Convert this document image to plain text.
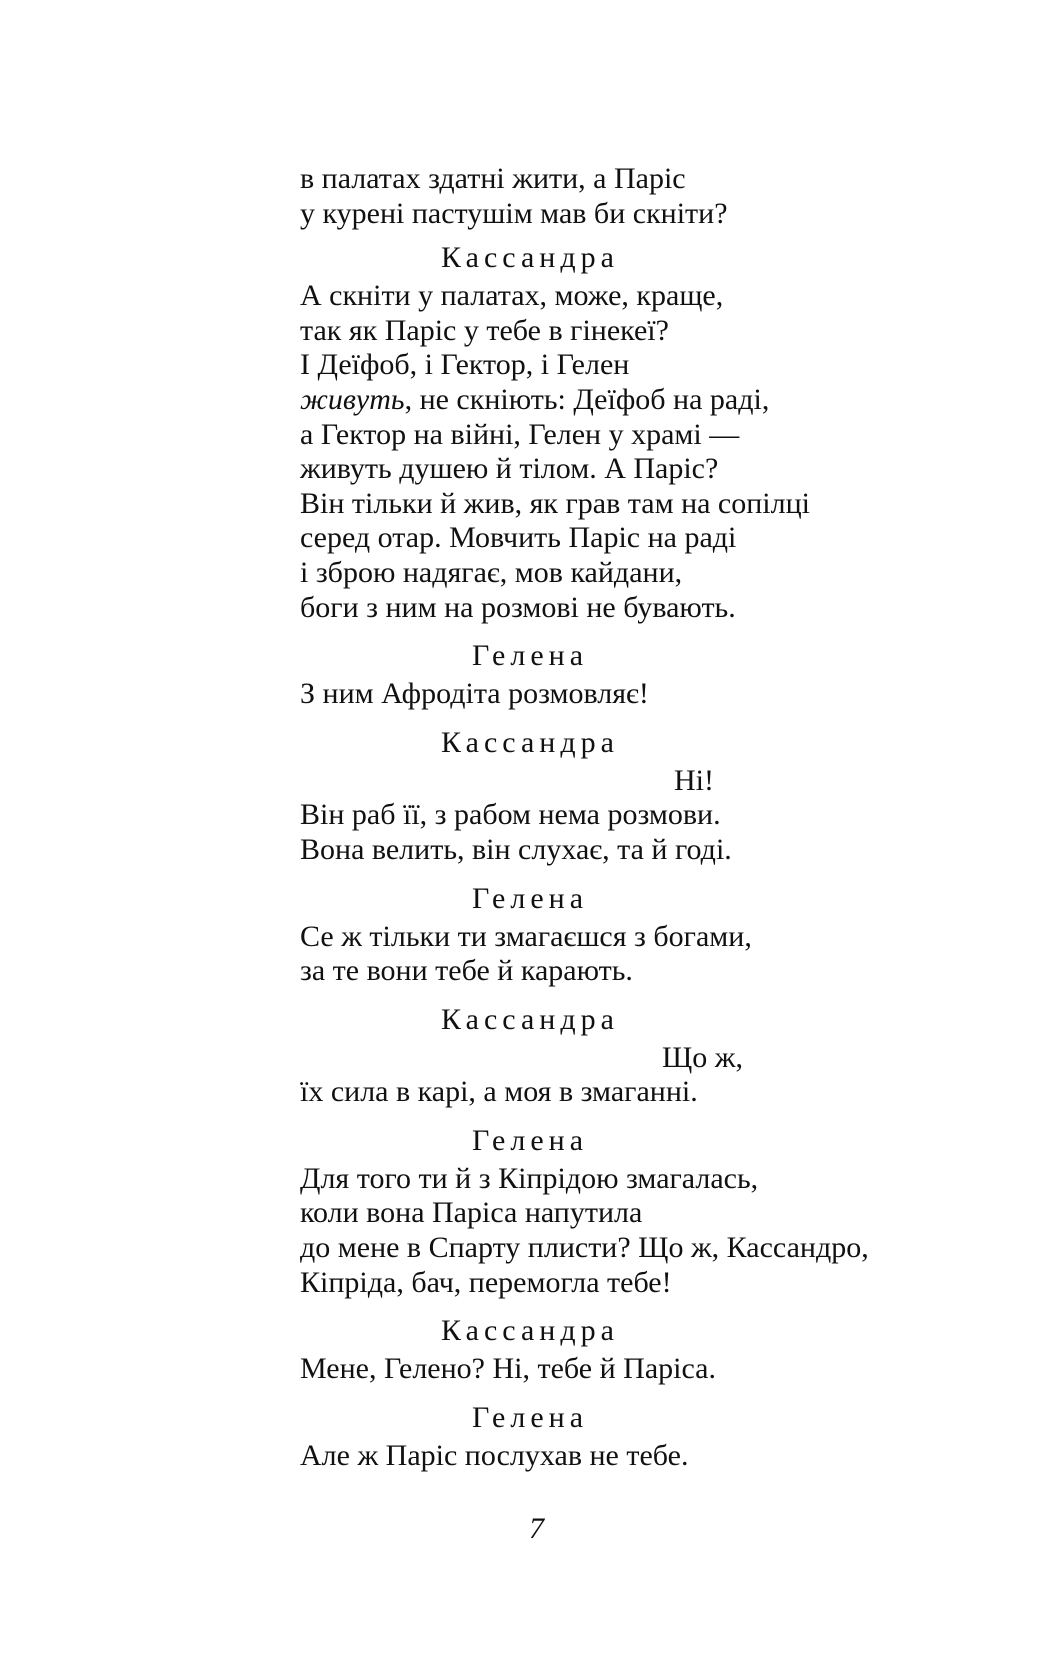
в палатах здатні жити, а Паріс
у курені пастушім мав би скніти?
Кассандра
А скніти у палатах, може, краще,
так як Паріс у тебе в гінекеї?
І Деїфоб, і Гектор, і Гелен
живуть, не скніють: Деїфоб на раді,
а Гектор на війні, Гелен у храмі —
живуть душею й тілом. А Паріс?
Він тільки й жив, як грав там на сопілці
серед отар. Мовчить Паріс на раді
і зброю надягає, мов кайдани,
боги з ним на розмові не бувають.
Гелена
З ним Афродіта розмовляє!
Кассандра
Ні!
Він раб її, з рабом нема розмови.
Вона велить, він слухає, та й годі.
Гелена
Се ж тільки ти змагаєшся з богами,
за те вони тебе й карають.
Кассандра
Що ж,
їх сила в карі, а моя в змаганні.
Гелена
Для того ти й з Кіпрідою змагалась,
коли вона Паріса напутила
до мене в Спарту плисти? Що ж, Кассандро,
Кіпріда, бач, перемогла тебе!
Кассандра
Мене, Гелено? Ні, тебе й Паріса.
Гелена
Але ж Паріс послухав не тебе.
7
